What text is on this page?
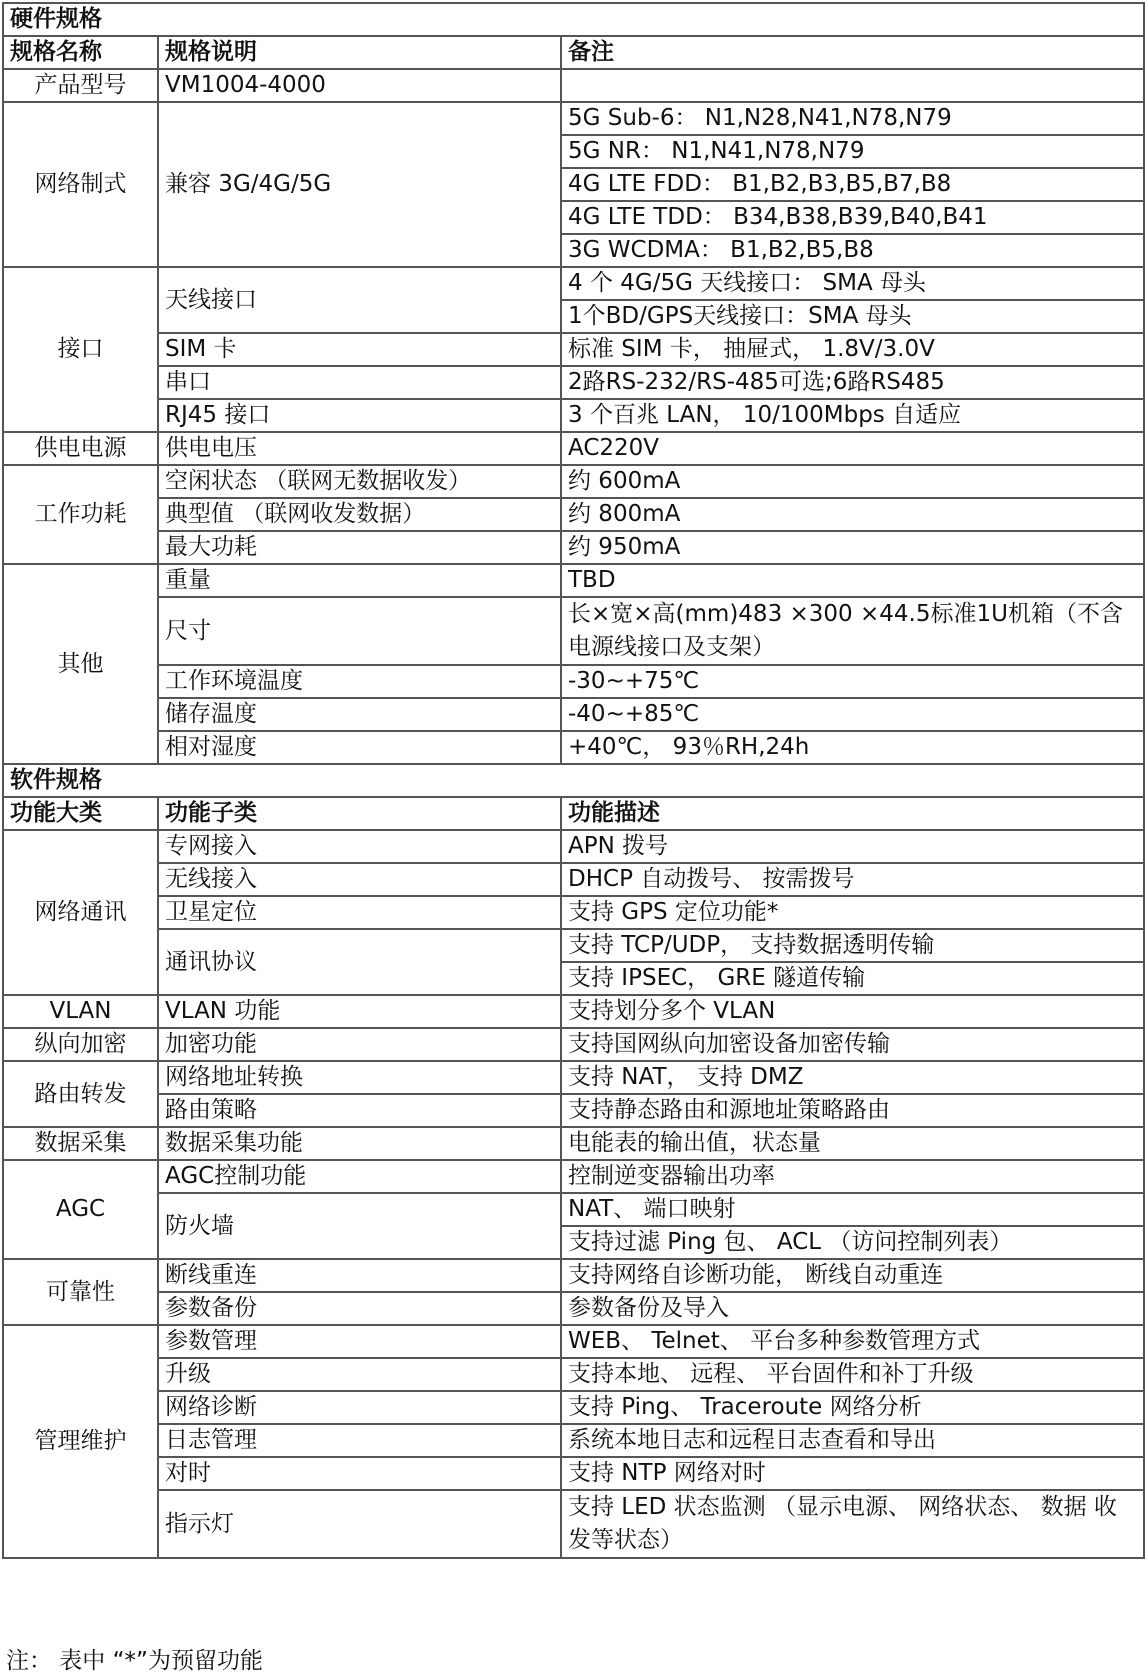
硬件规格		
规格名称	规格说明	备注
产品型号	VM1004-4000	
网络制式	兼容 3G/4G/5G	5G Sub-6： N1,N28,N41,N78,N79
		5G NR： N1,N41,N78,N79
		4G LTE FDD： B1,B2,B3,B5,B7,B8
		4G LTE TDD： B34,B38,B39,B40,B41
		3G WCDMA： B1,B2,B5,B8
接口	天线接口	4 个 4G/5G 天线接口： SMA 母头
		1个BD/GPS天线接口：SMA 母头
	SIM 卡	标准 SIM 卡， 抽屉式， 1.8V/3.0V
	串口	2路RS-232/RS-485可选;6路RS485
	RJ45 接口	3 个百兆 LAN， 10/100Mbps 自适应
供电电源	供电电压	AC220V
工作功耗	空闲状态 （联网无数据收发）	约 600mA
	典型值 （联网收发数据）	约 800mA
	最大功耗	约 950mA
其他	重量	TBD
	尺寸	长×宽×高(mm)483 ×300 ×44.5标准1U机箱（不含电源线接口及支架）
	工作环境温度	-30~+75℃
	储存温度	-40~+85℃
	相对湿度	+40℃， 93％RH,24h
软件规格		
功能大类	功能子类	功能描述
网络通讯	专网接入	APN 拨号
	无线接入	DHCP 自动拨号、 按需拨号
	卫星定位	支持 GPS 定位功能*
	通讯协议	支持 TCP/UDP， 支持数据透明传输
		支持 IPSEC， GRE 隧道传输
VLAN	VLAN 功能	支持划分多个 VLAN
纵向加密	加密功能	支持国网纵向加密设备加密传输
路由转发	网络地址转换	支持 NAT， 支持 DMZ
	路由策略	支持静态路由和源地址策略路由
数据采集	数据采集功能	电能表的输出值，状态量
AGC	AGC控制功能	控制逆变器输出功率
	防火墙	NAT、 端口映射
		支持过滤 Ping 包、 ACL （访问控制列表）
可靠性	断线重连	支持网络自诊断功能， 断线自动重连
	参数备份	参数备份及导入
管理维护	参数管理	WEB、 Telnet、 平台多种参数管理方式
	升级	支持本地、 远程、 平台固件和补丁升级
	网络诊断	支持 Ping、 Traceroute 网络分析
	日志管理	系统本地日志和远程日志查看和导出
	对时	支持 NTP 网络对时
	指示灯	支持 LED 状态监测 （显示电源、 网络状态、 数据 收发等状态）
注： 表中 “*”为预留功能
